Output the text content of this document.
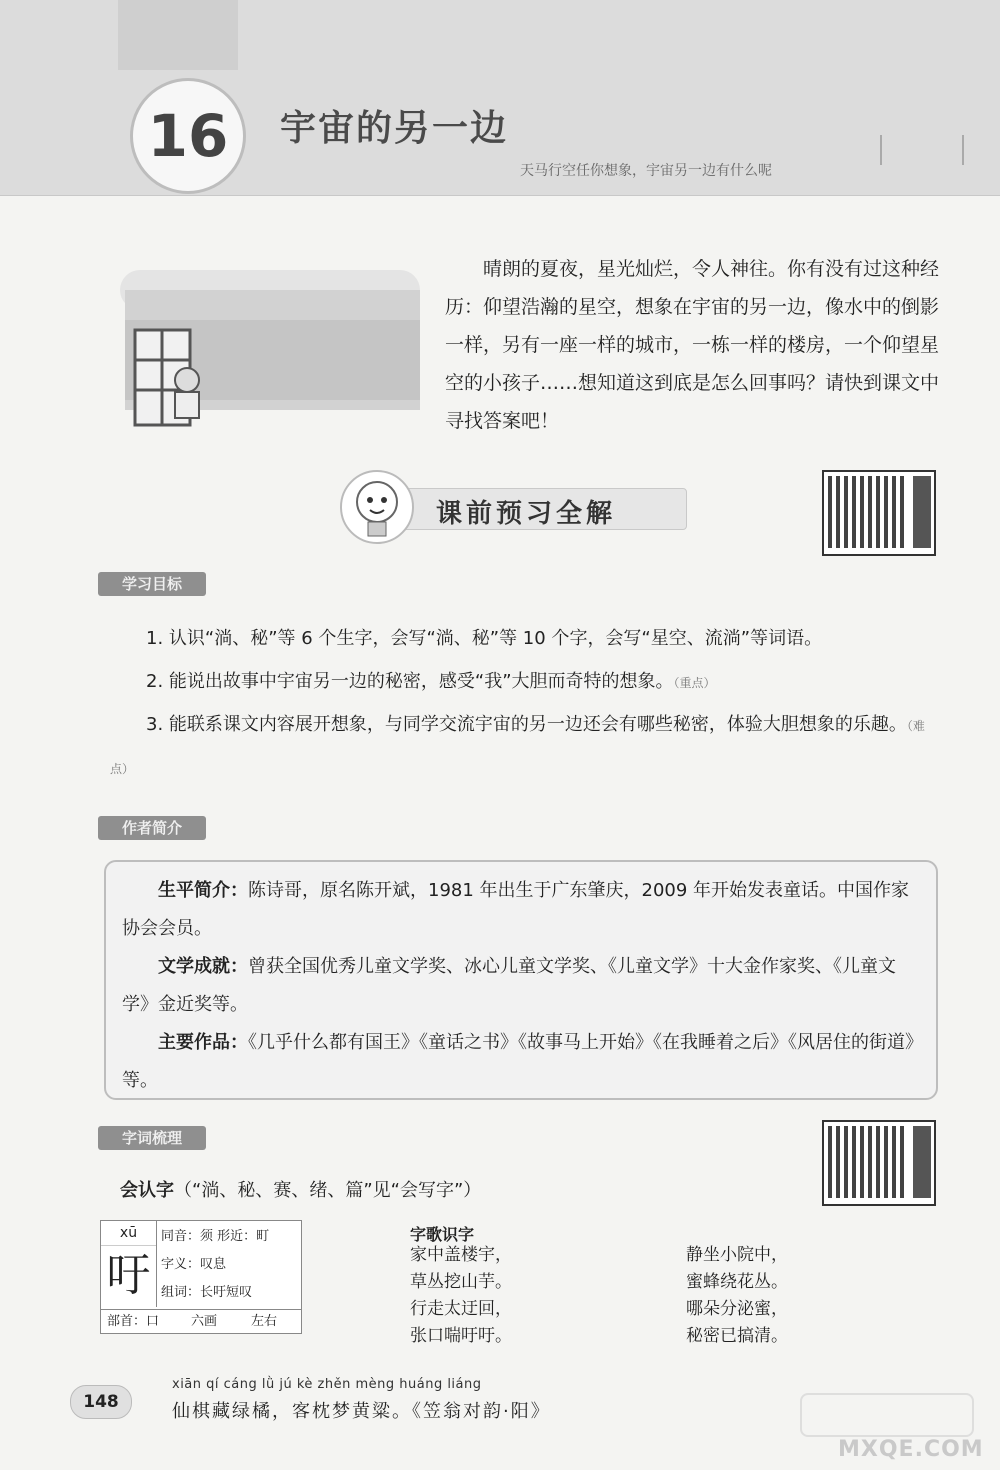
16 宇宙的另一边
天马行空任你想象，宇宙另一边有什么呢
晴朗的夏夜，星光灿烂，令人神往。你有没有过这种经历：仰望浩瀚的星空，想象在宇宙的另一边，像水中的倒影一样，另有一座一样的城市，一栋一样的楼房，一个仰望星空的小孩子……想知道这到底是怎么回事吗？请快到课文中寻找答案吧！
课前预习全解
学习目标

1. 认识“淌、秘”等 6 个生字，会写“淌、秘”等 10 个字，会写“星空、流淌”等词语。

2. 能说出故事中宇宙另一边的秘密，感受“我”大胆而奇特的想象。（重点）

3. 能联系课文内容展开想象，与同学交流宇宙的另一边还会有哪些秘密，体验大胆想象的乐趣。（难点）

作者简介

生平简介：陈诗哥，原名陈开斌，1981 年出生于广东肇庆，2009 年开始发表童话。中国作家协会会员。

文学成就：曾获全国优秀儿童文学奖、冰心儿童文学奖、《儿童文学》十大金作家奖、《儿童文学》金近奖等。

主要作品：《几乎什么都有国王》《童话之书》《故事马上开始》《在我睡着之后》《风居住的街道》等。

字词梳理
会认字（“淌、秘、赛、绪、篇”见“会写字”）
xū
吁
同音：须 形近：町
字义：叹息
组词：长吁短叹
部首：口 六画	左右
字歌识字
家中盖楼宇，
草丛挖山芋。
行走太迂回，
张口喘吁吁。
静坐小院中，
蜜蜂绕花丛。
哪朵分泌蜜，
秘密已搞清。
148
xiān qí cáng lǜ jú kè zhěn mèng huáng liáng
仙棋藏绿橘，客枕梦黄粱。《笠翁对韵·阳》
MXQE.COM
